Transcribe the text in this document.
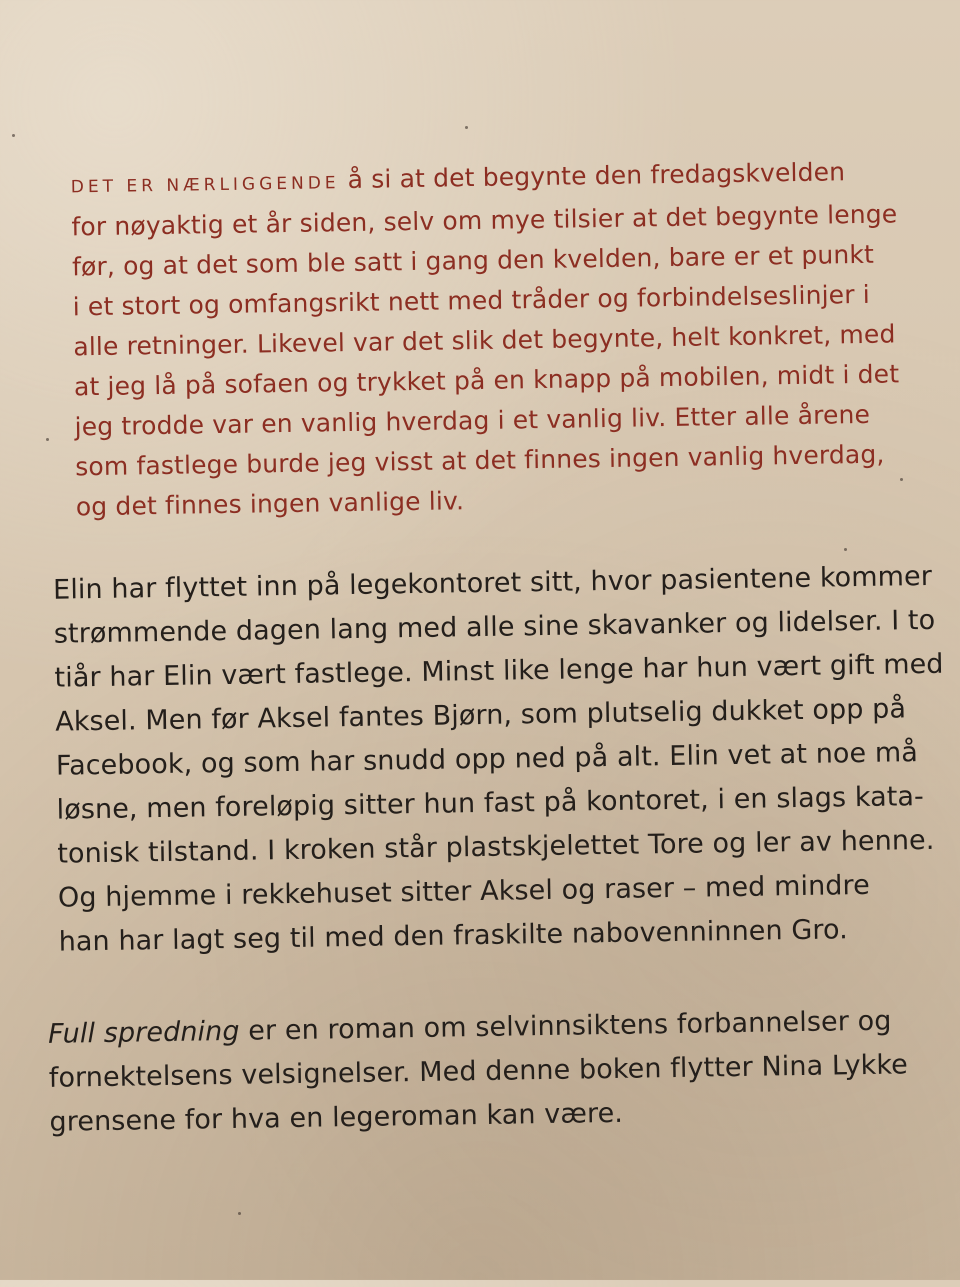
DET ER NÆRLIGGENDE å si at det begynte den fredagskvelden
for nøyaktig et år siden, selv om mye tilsier at det begynte lenge
før, og at det som ble satt i gang den kvelden, bare er et punkt
i et stort og omfangsrikt nett med tråder og forbindelseslinjer i
alle retninger. Likevel var det slik det begynte, helt konkret, med
at jeg lå på sofaen og trykket på en knapp på mobilen, midt i det
jeg trodde var en vanlig hverdag i et vanlig liv. Etter alle årene
som fastlege burde jeg visst at det finnes ingen vanlig hverdag,
og det finnes ingen vanlige liv.
Elin har flyttet inn på legekontoret sitt, hvor pasientene kommer
strømmende dagen lang med alle sine skavanker og lidelser. I to
tiår har Elin vært fastlege. Minst like lenge har hun vært gift med
Aksel. Men før Aksel fantes Bjørn, som plutselig dukket opp på
Facebook, og som har snudd opp ned på alt. Elin vet at noe må
løsne, men foreløpig sitter hun fast på kontoret, i en slags kata-
tonisk tilstand. I kroken står plastskjelettet Tore og ler av henne.
Og hjemme i rekkehuset sitter Aksel og raser – med mindre
han har lagt seg til med den fraskilte nabovenninnen Gro.
Full spredning er en roman om selvinnsiktens forbannelser og
fornektelsens velsignelser. Med denne boken flytter Nina Lykke
grensene for hva en legeroman kan være.
